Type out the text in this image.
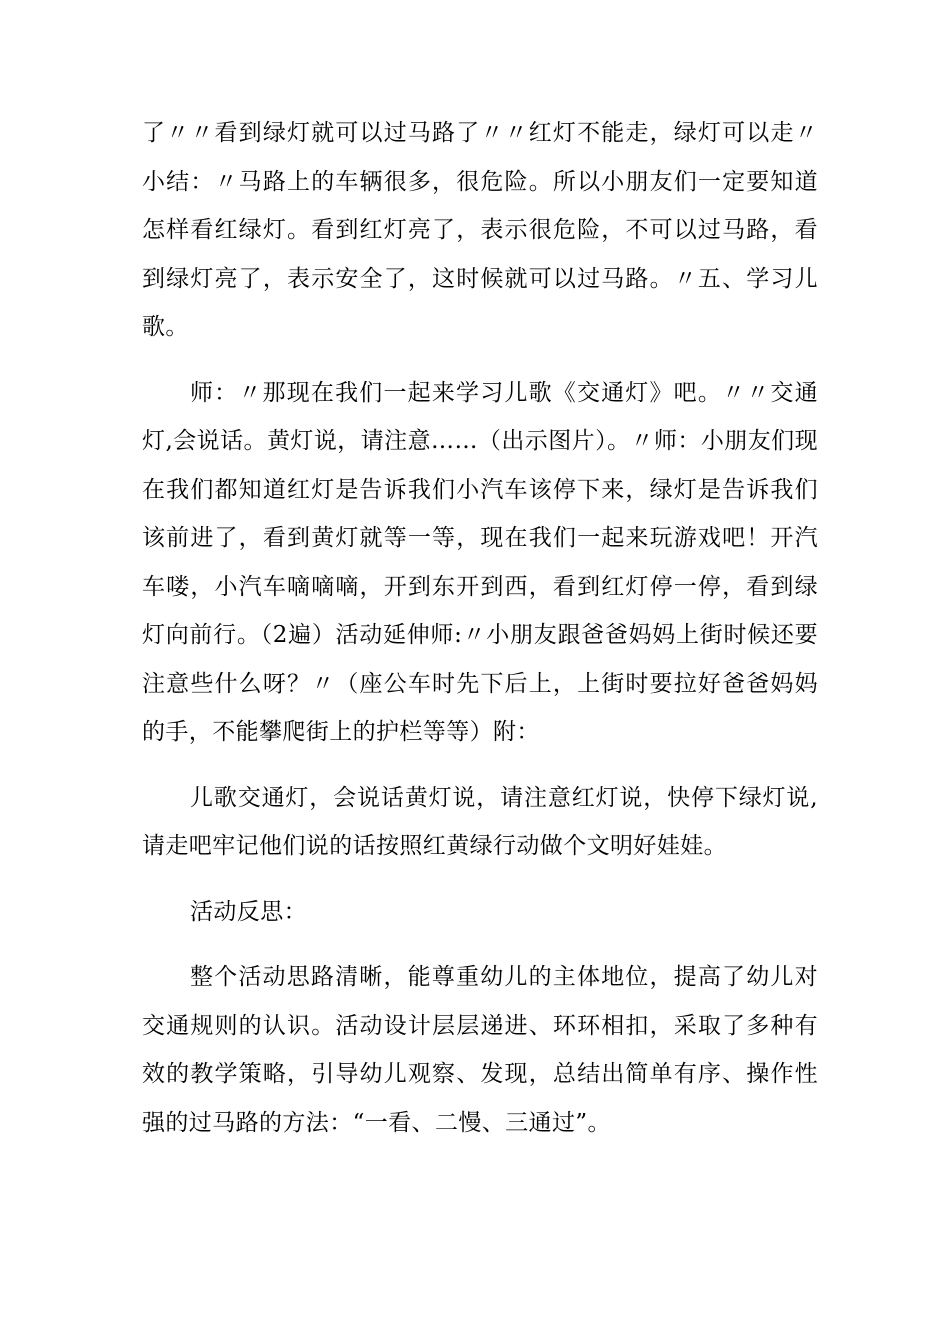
了〃〃看到绿灯就可以过马路了〃〃红灯不能走，绿灯可以走〃小结：〃马路上的车辆很多，很危险。所以小朋友们一定要知道怎样看红绿灯。看到红灯亮了，表示很危险，不可以过马路，看到绿灯亮了，表示安全了，这时候就可以过马路。〃五、学习儿歌。

师：〃那现在我们一起来学习儿歌《交通灯》吧。〃〃交通灯,会说话。黄灯说，请注意……（出示图片）。〃师：小朋友们现在我们都知道红灯是告诉我们小汽车该停下来，绿灯是告诉我们该前进了，看到黄灯就等一等，现在我们一起来玩游戏吧！开汽车喽，小汽车嘀嘀嘀，开到东开到西，看到红灯停一停，看到绿灯向前行。（2遍）活动延伸师:〃小朋友跟爸爸妈妈上街时候还要注意些什么呀？〃（座公车时先下后上，上街时要拉好爸爸妈妈的手，不能攀爬街上的护栏等等）附：

儿歌交通灯，会说话黄灯说，请注意红灯说，快停下绿灯说,请走吧牢记他们说的话按照红黄绿行动做个文明好娃娃。

活动反思：

整个活动思路清晰，能尊重幼儿的主体地位，提高了幼儿对交通规则的认识。活动设计层层递进、环环相扣，采取了多种有效的教学策略，引导幼儿观察、发现，总结出简单有序、操作性强的过马路的方法：“一看、二慢、三通过”。
